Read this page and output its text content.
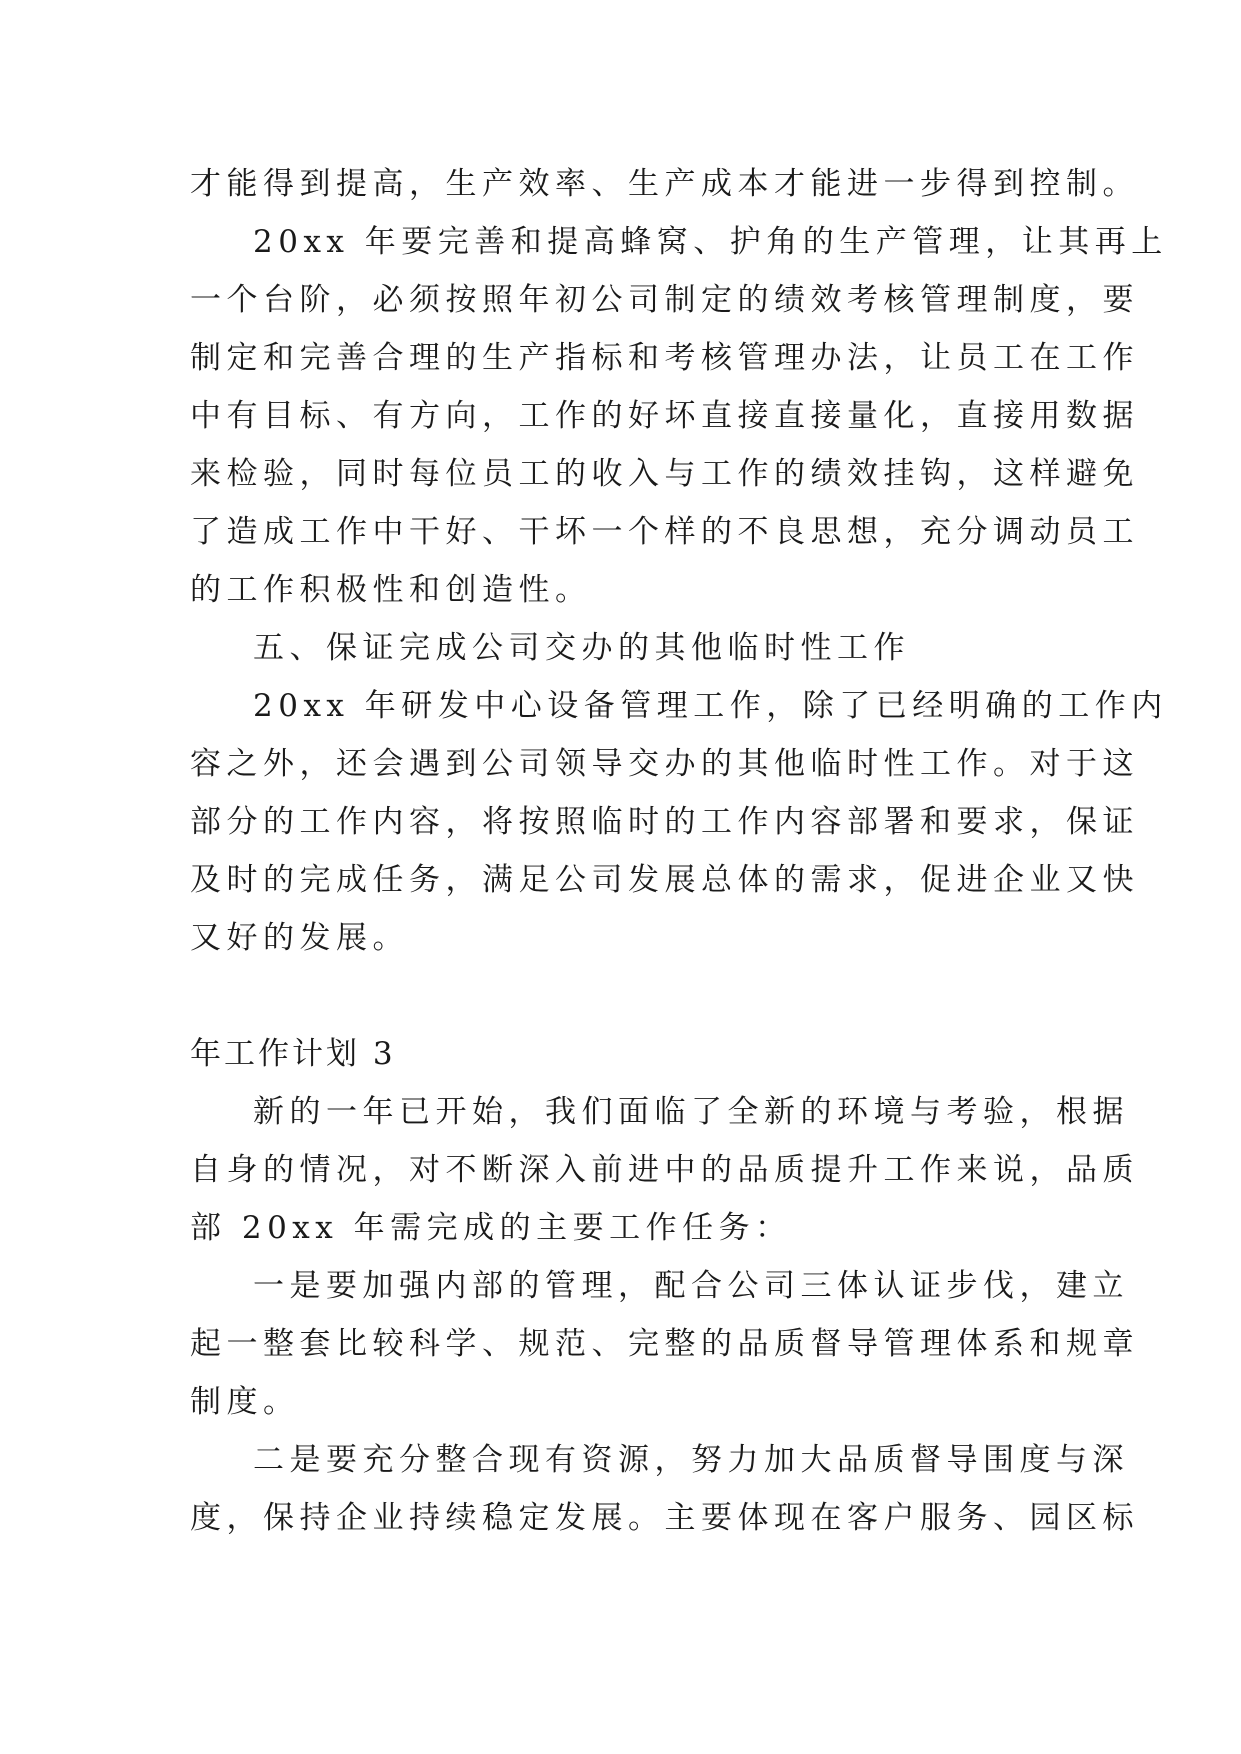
才能得到提高，生产效率、生产成本才能进一步得到控制。
20xx 年要完善和提高蜂窝、护角的生产管理，让其再上
一个台阶，必须按照年初公司制定的绩效考核管理制度，要
制定和完善合理的生产指标和考核管理办法，让员工在工作
中有目标、有方向，工作的好坏直接直接量化，直接用数据
来检验，同时每位员工的收入与工作的绩效挂钩，这样避免
了造成工作中干好、干坏一个样的不良思想，充分调动员工
的工作积极性和创造性。
五、保证完成公司交办的其他临时性工作
20xx 年研发中心设备管理工作，除了已经明确的工作内
容之外，还会遇到公司领导交办的其他临时性工作。对于这
部分的工作内容，将按照临时的工作内容部署和要求，保证
及时的完成任务，满足公司发展总体的需求，促进企业又快
又好的发展。
年工作计划 3
新的一年已开始，我们面临了全新的环境与考验，根据
自身的情况，对不断深入前进中的品质提升工作来说，品质
部 20xx 年需完成的主要工作任务：
一是要加强内部的管理，配合公司三体认证步伐，建立
起一整套比较科学、规范、完整的品质督导管理体系和规章
制度。
二是要充分整合现有资源，努力加大品质督导围度与深
度，保持企业持续稳定发展。主要体现在客户服务、园区标
